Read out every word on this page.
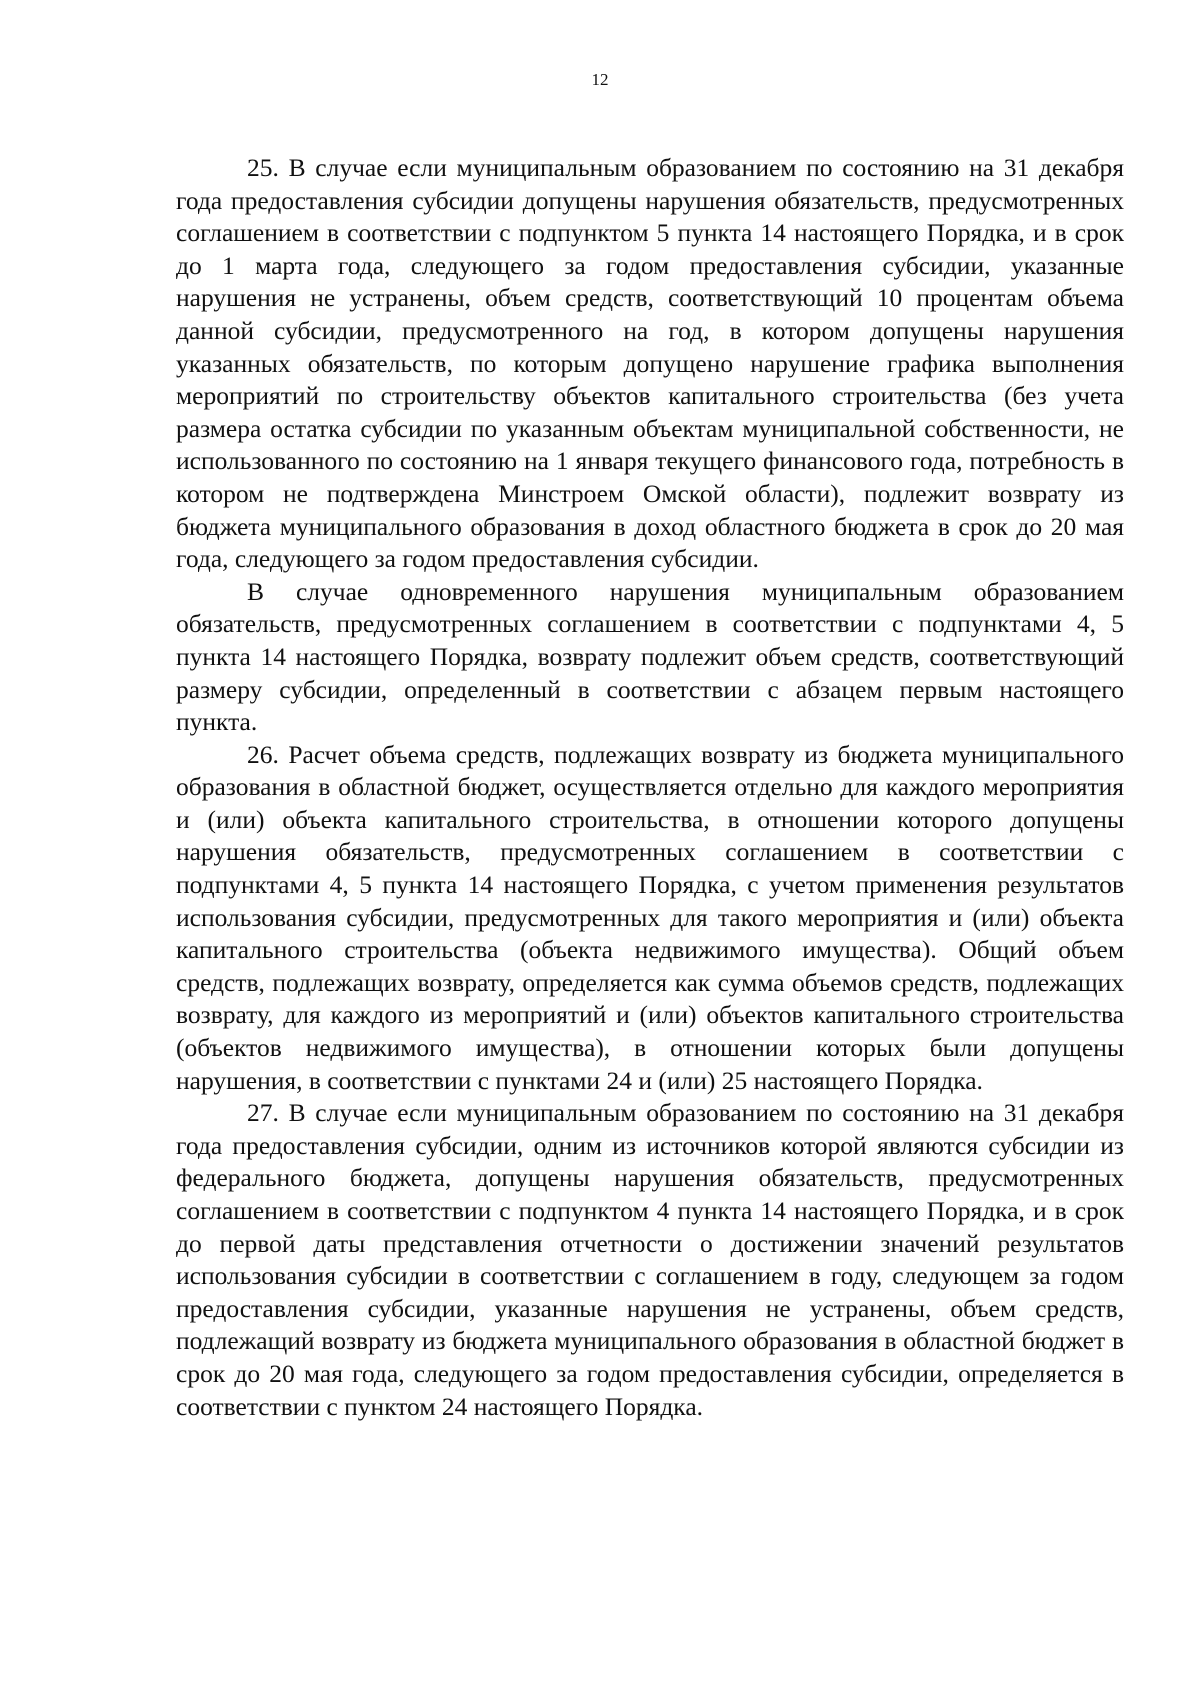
12

25. В случае если муниципальным образованием по состоянию на 31 декабря года предоставления субсидии допущены нарушения обязательств, предусмотренных соглашением в соответствии с подпунктом 5 пункта 14 настоящего Порядка, и в срок до 1 марта года, следующего за годом предоставления субсидии, указанные нарушения не устранены, объем средств, соответствующий 10 процентам объема данной субсидии, предусмотренного на год, в котором допущены нарушения указанных обязательств, по которым допущено нарушение графика выполнения мероприятий по строительству объектов капитального строительства (без учета размера остатка субсидии по указанным объектам муниципальной собственности, не использованного по состоянию на 1 января текущего финансового года, потребность в котором не подтверждена Минстроем Омской области), подлежит возврату из бюджета муниципального образования в доход областного бюджета в срок до 20 мая года, следующего за годом предоставления субсидии.

В случае одновременного нарушения муниципальным образованием обязательств, предусмотренных соглашением в соответствии с подпунктами 4, 5 пункта 14 настоящего Порядка, возврату подлежит объем средств, соответствующий размеру субсидии, определенный в соответствии с абзацем первым настоящего пункта.

26. Расчет объема средств, подлежащих возврату из бюджета муниципального образования в областной бюджет, осуществляется отдельно для каждого мероприятия и (или) объекта капитального строительства, в отношении которого допущены нарушения обязательств, предусмотренных соглашением в соответствии с подпунктами 4, 5 пункта 14 настоящего Порядка, с учетом применения результатов использования субсидии, предусмотренных для такого мероприятия и (или) объекта капитального строительства (объекта недвижимого имущества). Общий объем средств, подлежащих возврату, определяется как сумма объемов средств, подлежащих возврату, для каждого из мероприятий и (или) объектов капитального строительства (объектов недвижимого имущества), в отношении которых были допущены нарушения, в соответствии с пунктами 24 и (или) 25 настоящего Порядка.

27. В случае если муниципальным образованием по состоянию на 31 декабря года предоставления субсидии, одним из источников которой являются субсидии из федерального бюджета, допущены нарушения обязательств, предусмотренных соглашением в соответствии с подпунктом 4 пункта 14 настоящего Порядка, и в срок до первой даты представления отчетности о достижении значений результатов использования субсидии в соответствии с соглашением в году, следующем за годом предоставления субсидии, указанные нарушения не устранены, объем средств, подлежащий возврату из бюджета муниципального образования в областной бюджет в срок до 20 мая года, следующего за годом предоставления субсидии, определяется в соответствии с пунктом 24 настоящего Порядка.
